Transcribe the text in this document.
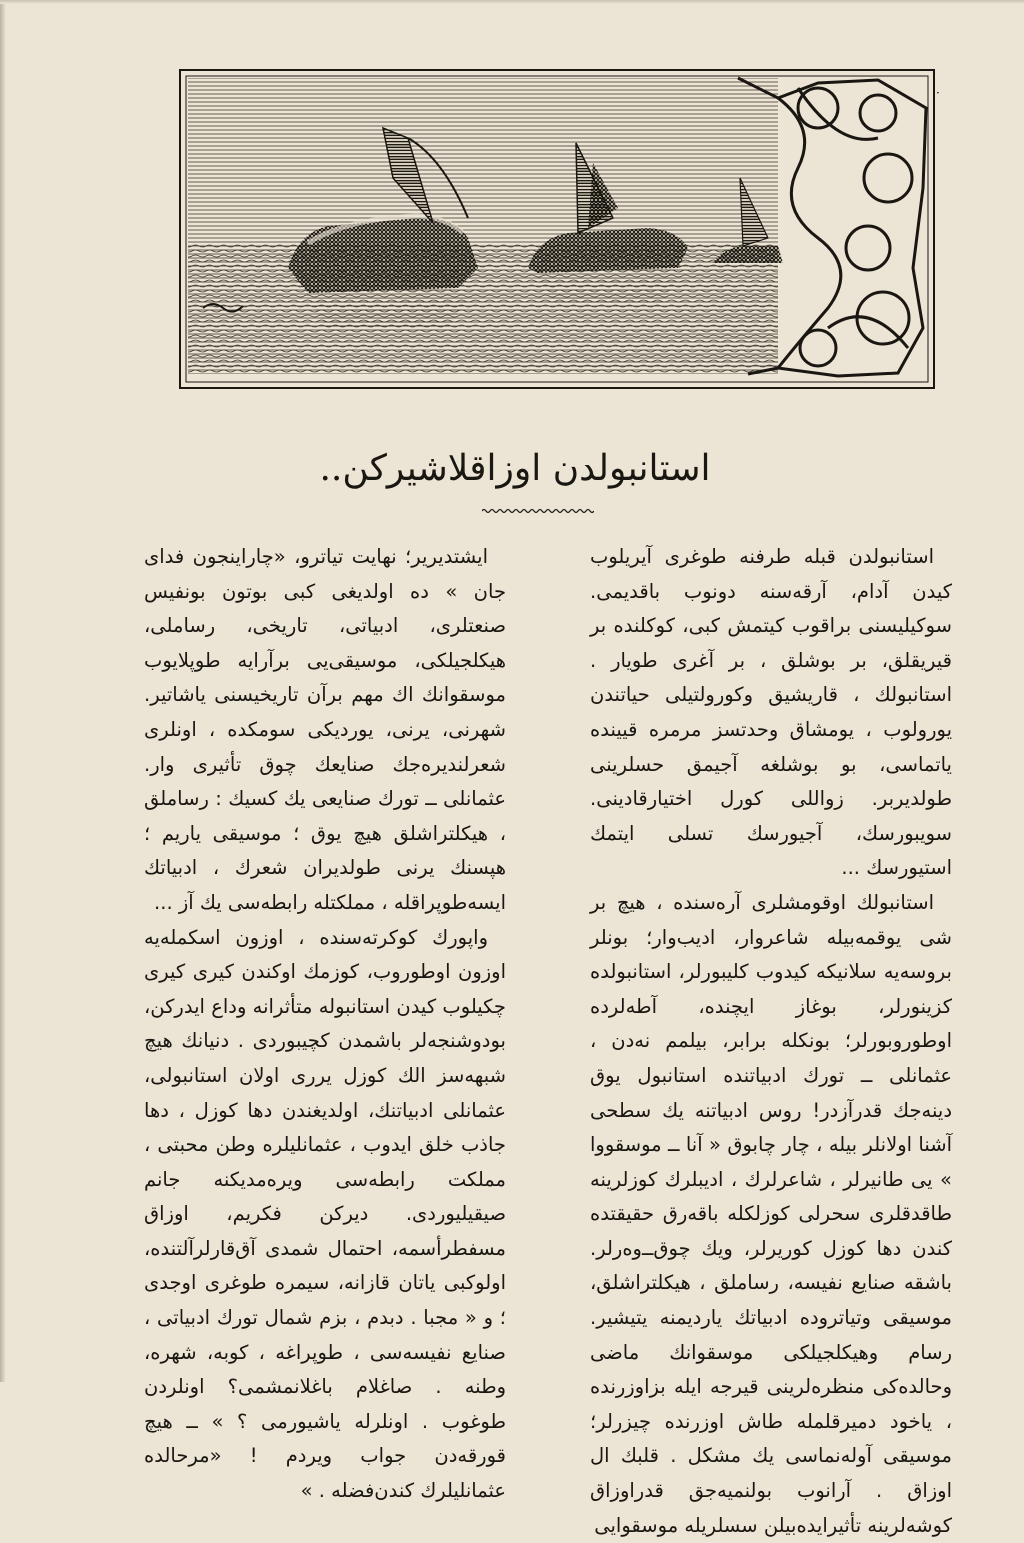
·
استانبولدن اوزاقلاشیرکن..

استانبولدن قبله طرفنه طوغری آیریلوب کیدن آدام، آرقه‌سنه دونوب باقدیمی. سوکیلیسنی براقوب کیتمش کبی، کوکلنده بر قیریقلق، بر بوشلق ، بر آغری طویار . استانبولك ، قاریشیق وکورولتیلی حیاتندن یورولوب ، یومشاق وحدتسز مرمره قیینده یاتماسی، بو بوشلغه آجیمق حسلرینی طولدیربر. زواللی کورل اختیارقادینی. سویبورسك، آجیورسك تسلی ایتمك استیورسك ...

استانبولك اوقومشلری آره‌سنده ، هیچ بر شی یوقمه‌بیله شاعروار، ادیب‌وار؛ بونلر بروسه‌یه سلانیکه کیدوب کلیبورلر، استانبولده کزینورلر، بوغاز ایچنده، آطه‌لرده اوطوروبورلر؛ بونکله برابر، بیلمم نه‌دن ، عثمانلی ــ تورك ادبیاتنده استانبول یوق دینه‌جك قدرآزدر! روس ادبیاتنه یك سطحی آشنا اولانلر بیله ، چار چابوق « آنا ــ موسقووا » یی طانیرلر ، شاعرلرك ، ادیبلرك کوزلرینه طاقدقلری سحرلی کوزلکله باقه‌رق حقیقتده کندن دها کوزل کوریرلر، ویك چوق‌ــ‌وه‌رلر. باشقه صنایع نفیسه، رساملق ، هیکلتراشلق، موسیقی وتیاتروده ادبیاتك یاردیمنه یتیشیر. رسام وهیکلجیلکی موسقوانك ماضی وحالده‌کی منظره‌لرینی قیرجه ایله بزاوزرنده ، یاخود دمیرقلمله طاش اوزرنده چیزرلر؛ موسیقی آوله‌نماسی یك مشکل . قلبك ال اوزاق . آرانوب بولنمیه‌جق قدراوزاق کوشه‌لرینه تأثیرایده‌بیلن سسلریله موسقوایی

ایشتدیریر؛ نهایت تیاترو، «چاراینجون فدای جان » ده اولدیغی کبی بوتون بونفیس صنعتلری، ادبیاتی، تاریخی، رساملی، هیکلجیلکی، موسیقی‌یی برآرایه طوپلایوب موسقوانك اك مهم برآن تاریخیسنی یاشاتیر. شهرنی، یرنی، یوردیکی سومکده ، اونلری شعرلندیره‌جك صنایعك چوق تأثیری وار. عثمانلی ــ تورك صنایعی یك کسیك : رساملق ، هیکلتراشلق هیچ یوق ؛ موسیقی یاریم ؛ هپسنك یرنی طولدیران شعرك ، ادبیاتك ایسه‌طوپراقله ، مملکتله رابطه‌سی یك آز ...

واپورك کوکرته‌سنده ، اوزون اسکمله‌یه اوزون اوطوروب، کوزمك اوکندن کیری کیری چکیلوب کیدن استانبوله متأثرانه وداع ایدرکن، بودوشنجه‌لر باشمدن کچیبوردی . دنیانك هیچ شبهه‌سز الك کوزل یرری اولان استانبولی، عثمانلی ادبیاتنك، اولدیغندن دها کوزل ، دها جاذب خلق ایدوب ، عثمانلیلره وطن محبتی ، مملکت رابطه‌سی ویره‌مدیکنه جانم صیقیلیوردی. دیرکن فکریم، اوزاق مسفطرأسمه، احتمال شمدی آق‌قارلرآلتنده، اولوکبی یاتان قازانه، سیمره طوغری اوجدی ؛ و « مجبا . دبدم ، بزم شمال تورك ادبیاتی ، صنایع نفیسه‌سی ، طوپراغه ، کوبه، شهره، وطنه . صاغلام باغلانمشمی؟ اونلردن طوغوب . اونلرله یاشیورمی ؟ » ــ هیچ قورقه‌دن جواب ویردم ! «مرحالده عثمانلیلرك کندن‌فضله . »
